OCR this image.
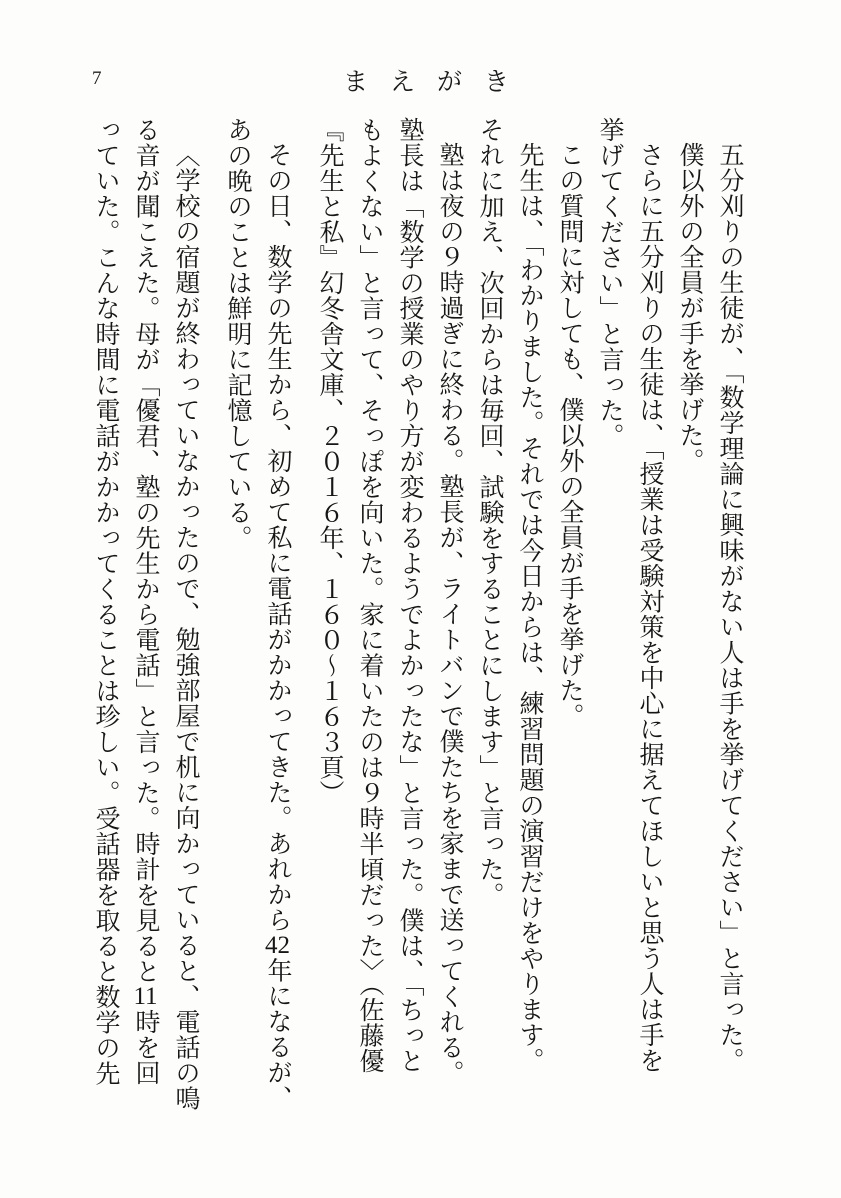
7	まえがき
五分刈りの生徒が、「数学理論に興味がない人は手を挙げてください」と言った。
僕以外の全員が手を挙げた。
さらに五分刈りの生徒は、「授業は受験対策を中心に据えてほしいと思う人は手を
挙げてください」と言った。
この質問に対しても、僕以外の全員が手を挙げた。
先生は、「わかりました。それでは今日からは、練習問題の演習だけをやります。
それに加え、次回からは毎回、試験をすることにします」と言った。
塾は夜の９時過ぎに終わる。塾長が、ライトバンで僕たちを家まで送ってくれる。
塾長は「数学の授業のやり方が変わるようでよかったな」と言った。僕は、「ちっと
もよくない」と言って、そっぽを向いた。家に着いたのは９時半頃だった〉（佐藤優
『先生と私』幻冬舎文庫、２０１６年、１６０〜１６３頁）
その日、数学の先生から、初めて私に電話がかかってきた。あれから42年になるが、
あの晩のことは鮮明に記憶している。
〈学校の宿題が終わっていなかったので、勉強部屋で机に向かっていると、電話の鳴
る音が聞こえた。母が「優君、塾の先生から電話」と言った。時計を見ると11時を回
っていた。こんな時間に電話がかかってくることは珍しい。受話器を取ると数学の先
